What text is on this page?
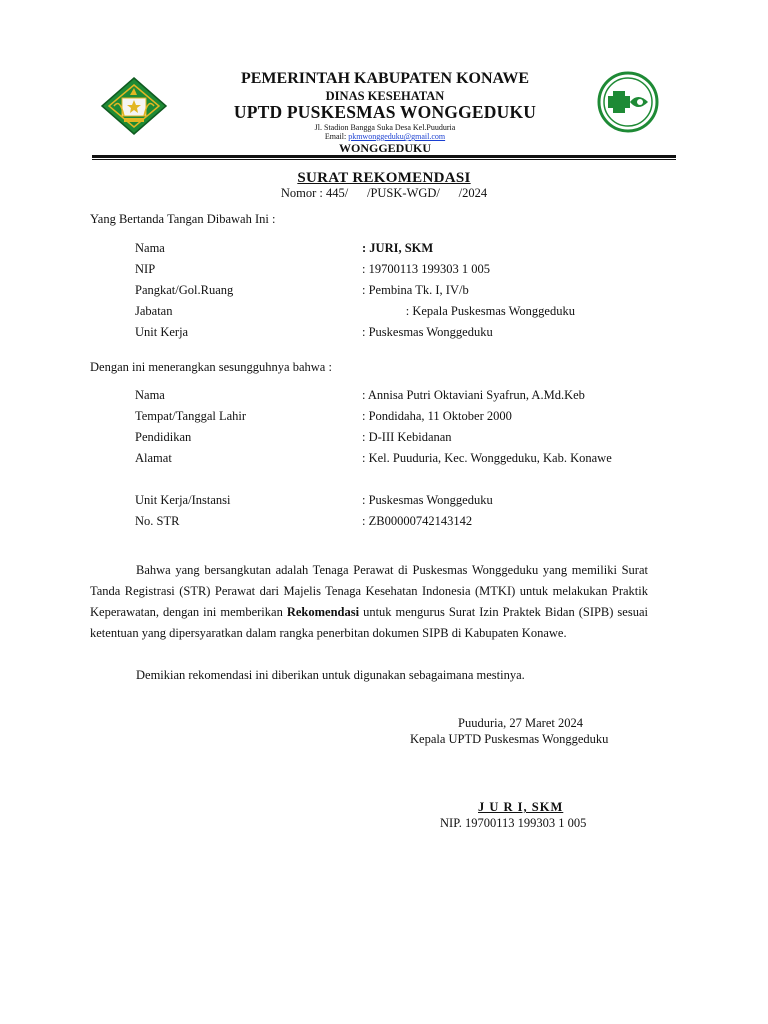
PEMERINTAH KABUPATEN KONAWE
DINAS KESEHATAN
UPTD PUSKESMAS WONGGEDUKU
Jl. Stadion Bangga Suka Desa Kel.Puuduria
Email: pkmwonggeduku@gmail.com
WONGGEDUKU
SURAT REKOMENDASI
Nomor : 445/      /PUSK-WGD/      /2024
Yang Bertanda Tangan Dibawah Ini :
Nama	: JURI, SKM
NIP	: 19700113 199303 1 005
Pangkat/Gol.Ruang	: Pembina Tk. I, IV/b
Jabatan	: Kepala Puskesmas Wonggeduku
Unit Kerja	: Puskesmas Wonggeduku
Dengan ini menerangkan sesungguhnya bahwa :
Nama	: Annisa Putri Oktaviani Syafrun, A.Md.Keb
Tempat/Tanggal Lahir	: Pondidaha, 11 Oktober 2000
Pendidikan	: D-III Kebidanan
Alamat	: Kel. Puuduria, Kec. Wonggeduku, Kab. Konawe
Unit Kerja/Instansi	: Puskesmas Wonggeduku
No. STR	: ZB00000742143142
Bahwa yang bersangkutan adalah Tenaga Perawat di Puskesmas Wonggeduku yang memiliki Surat Tanda Registrasi (STR) Perawat dari Majelis Tenaga Kesehatan Indonesia (MTKI) untuk melakukan Praktik Keperawatan, dengan ini memberikan Rekomendasi untuk mengurus Surat Izin Praktek Bidan (SIPB) sesuai ketentuan yang dipersyaratkan dalam rangka penerbitan dokumen SIPB di Kabupaten Konawe.
Demikian rekomendasi ini diberikan untuk digunakan sebagaimana mestinya.
Puuduria, 27 Maret 2024
Kepala UPTD Puskesmas Wonggeduku
J U R I, SKM
NIP. 19700113 199303 1 005
